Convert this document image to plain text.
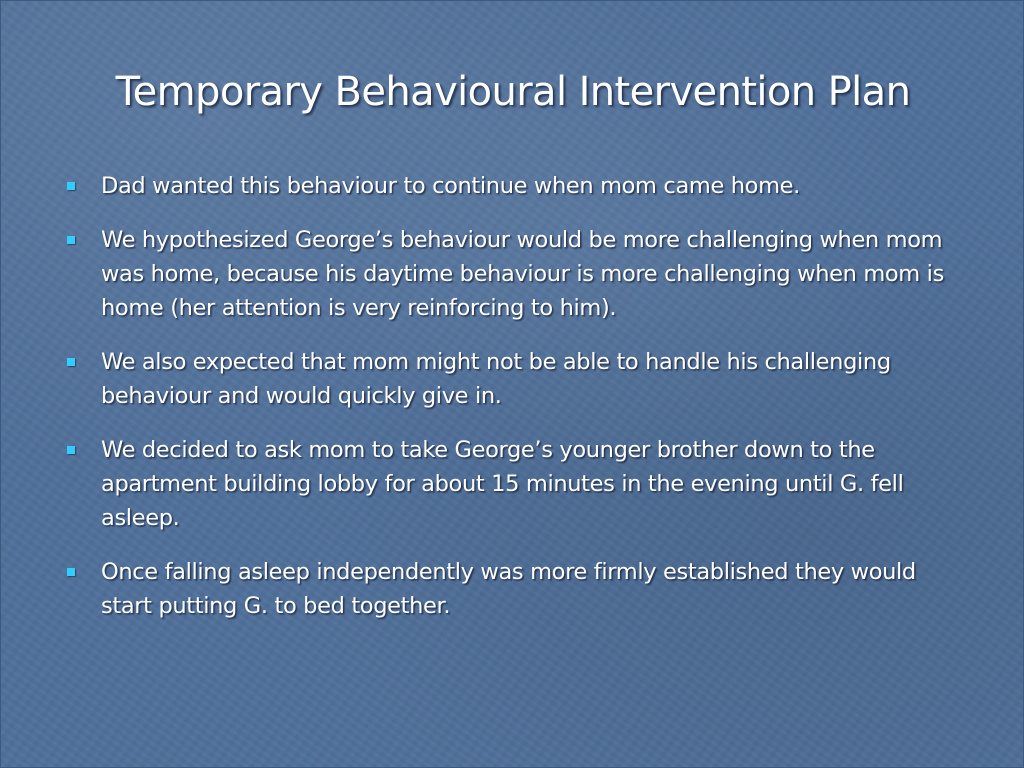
Temporary Behavioural Intervention Plan
Dad wanted this behaviour to continue when mom came home.
We hypothesized George’s behaviour would be more challenging when mom was home, because his daytime behaviour is more challenging when mom is home (her attention is very reinforcing to him).
We also expected that mom might not be able to handle his challenging behaviour and would quickly give in.
We decided to ask mom to take George’s younger brother down to the apartment building lobby for about 15 minutes in the evening until G. fell asleep.
Once falling asleep independently was more firmly established they would start putting G. to bed together.
